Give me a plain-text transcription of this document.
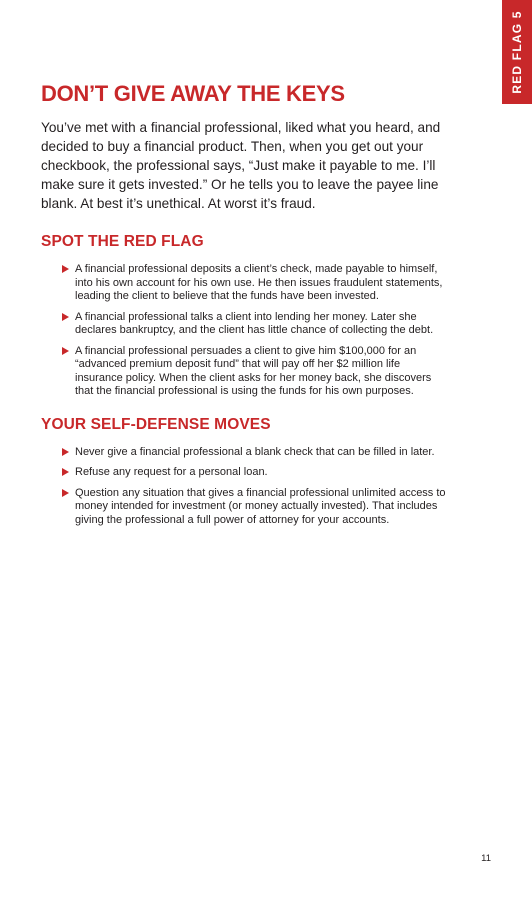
RED FLAG 5
DON’T GIVE AWAY THE KEYS

You’ve met with a financial professional, liked what you heard, and decided to buy a financial product. Then, when you get out your checkbook, the professional says, “Just make it payable to me. I’ll make sure it gets invested.” Or he tells you to leave the payee line blank. At best it’s unethical. At worst it’s fraud.

SPOT THE RED FLAG
A financial professional deposits a client’s check, made payable to himself, into his own account for his own use. He then issues fraudulent statements, leading the client to believe that the funds have been invested.
A financial professional talks a client into lending her money. Later she declares bankruptcy, and the client has little chance of collecting the debt.
A financial professional persuades a client to give him $100,000 for an “advanced premium deposit fund” that will pay off her $2 million life insurance policy. When the client asks for her money back, she discovers that the financial professional is using the funds for his own purposes.
YOUR SELF-DEFENSE MOVES
Never give a financial professional a blank check that can be filled in later.
Refuse any request for a personal loan.
Question any situation that gives a financial professional unlimited access to money intended for investment (or money actually invested). That includes giving the professional a full power of attorney for your accounts.
11
